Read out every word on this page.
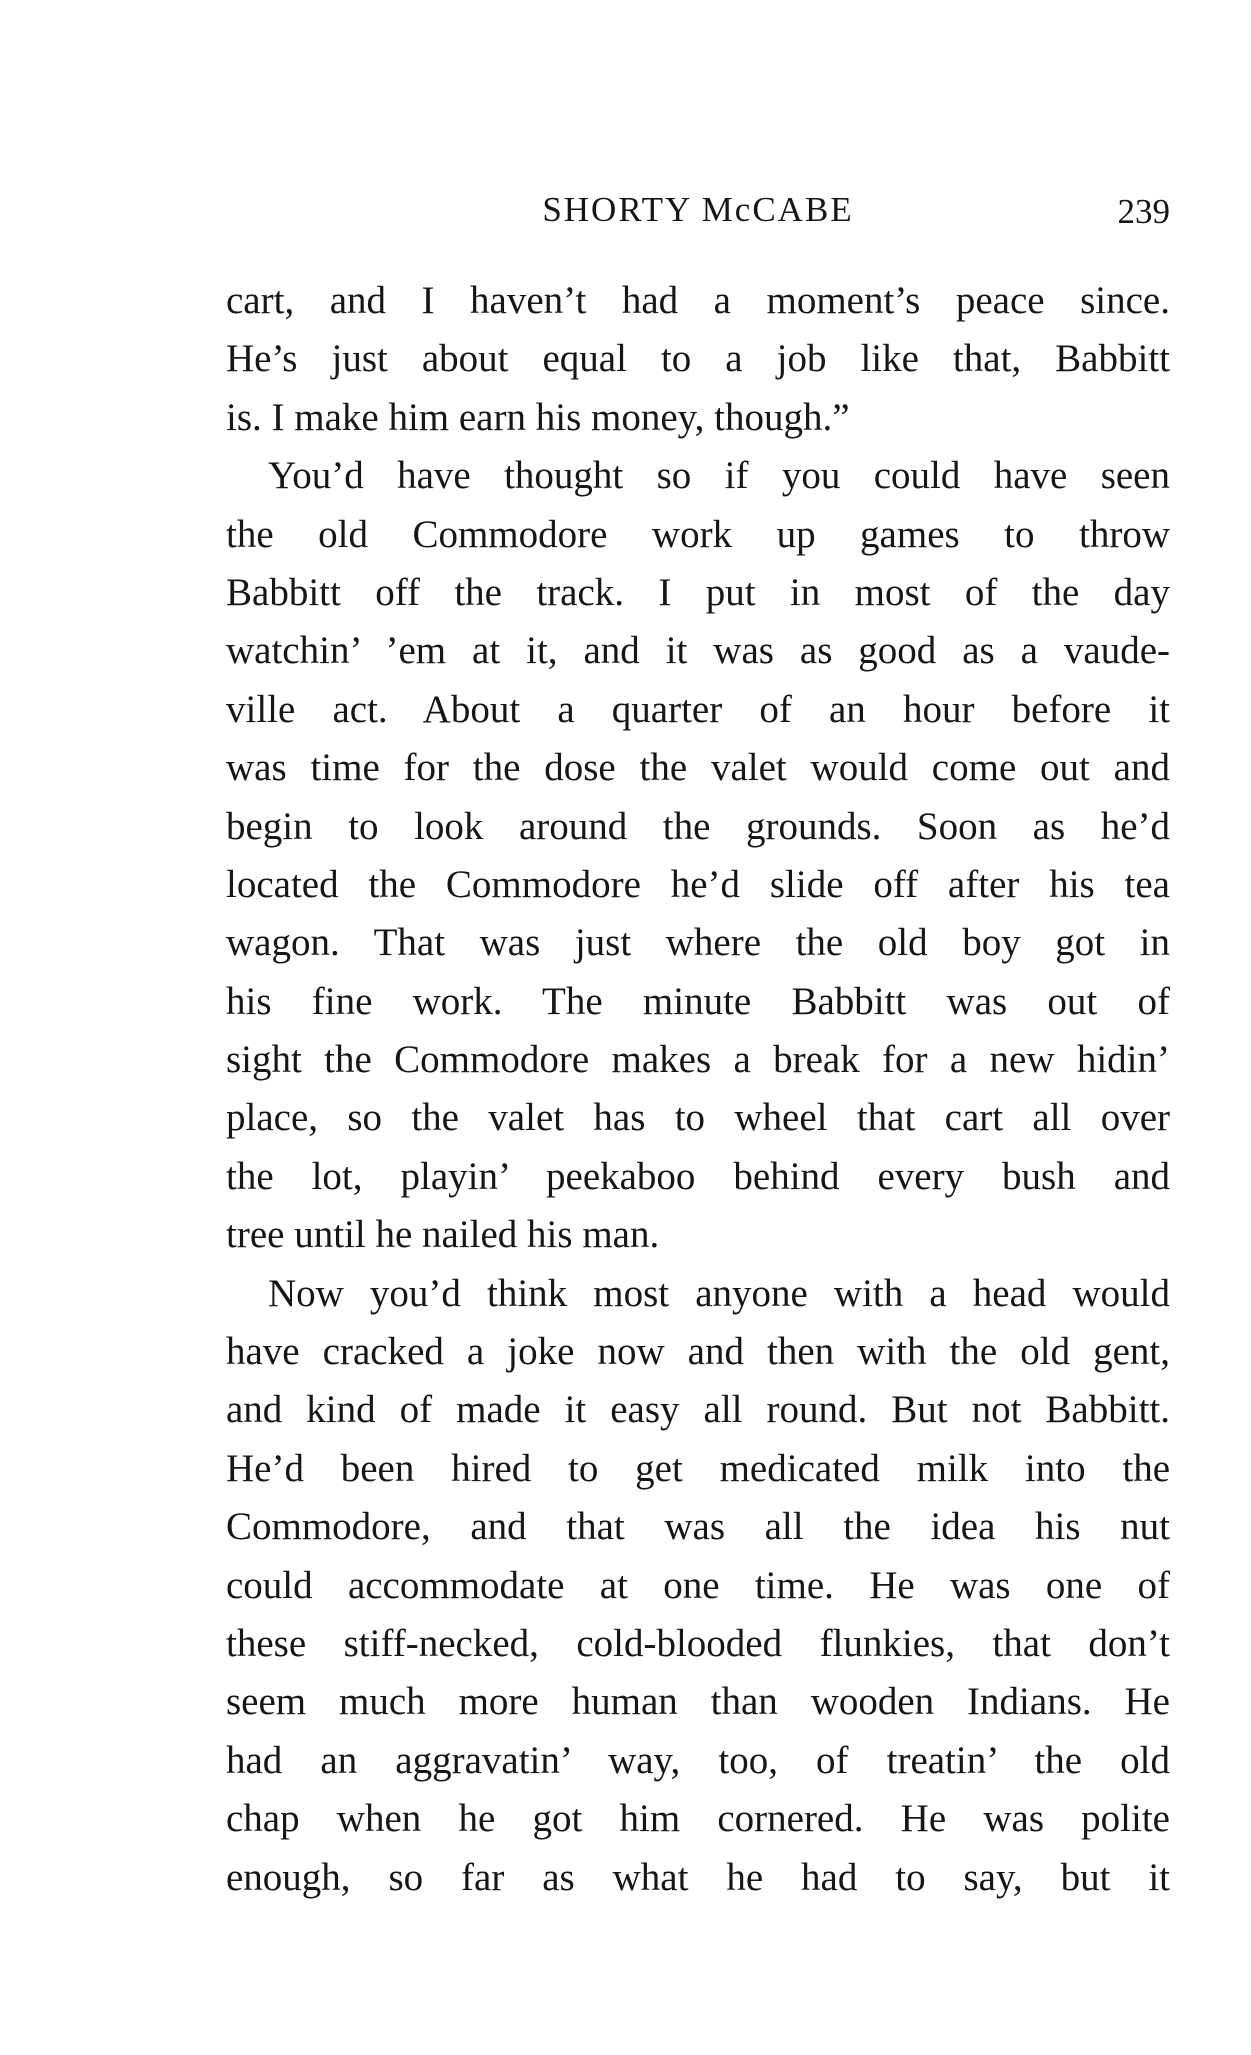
SHORTY McCABE	239
cart, and I haven’t had a moment’s peace since.
He’s just about equal to a job like that, Babbitt
is. I make him earn his money, though.”
You’d have thought so if you could have seen
the old Commodore work up games to throw
Babbitt off the track. I put in most of the day
watchin’ ’em at it, and it was as good as a vaude-
ville act. About a quarter of an hour before it
was time for the dose the valet would come out and
begin to look around the grounds. Soon as he’d
located the Commodore he’d slide off after his tea
wagon. That was just where the old boy got in
his fine work. The minute Babbitt was out of
sight the Commodore makes a break for a new hidin’
place, so the valet has to wheel that cart all over
the lot, playin’ peekaboo behind every bush and
tree until he nailed his man.
Now you’d think most anyone with a head would
have cracked a joke now and then with the old gent,
and kind of made it easy all round. But not Babbitt.
He’d been hired to get medicated milk into the
Commodore, and that was all the idea his nut
could accommodate at one time. He was one of
these stiff-necked, cold-blooded flunkies, that don’t
seem much more human than wooden Indians. He
had an aggravatin’ way, too, of treatin’ the old
chap when he got him cornered. He was polite
enough, so far as what he had to say, but it
